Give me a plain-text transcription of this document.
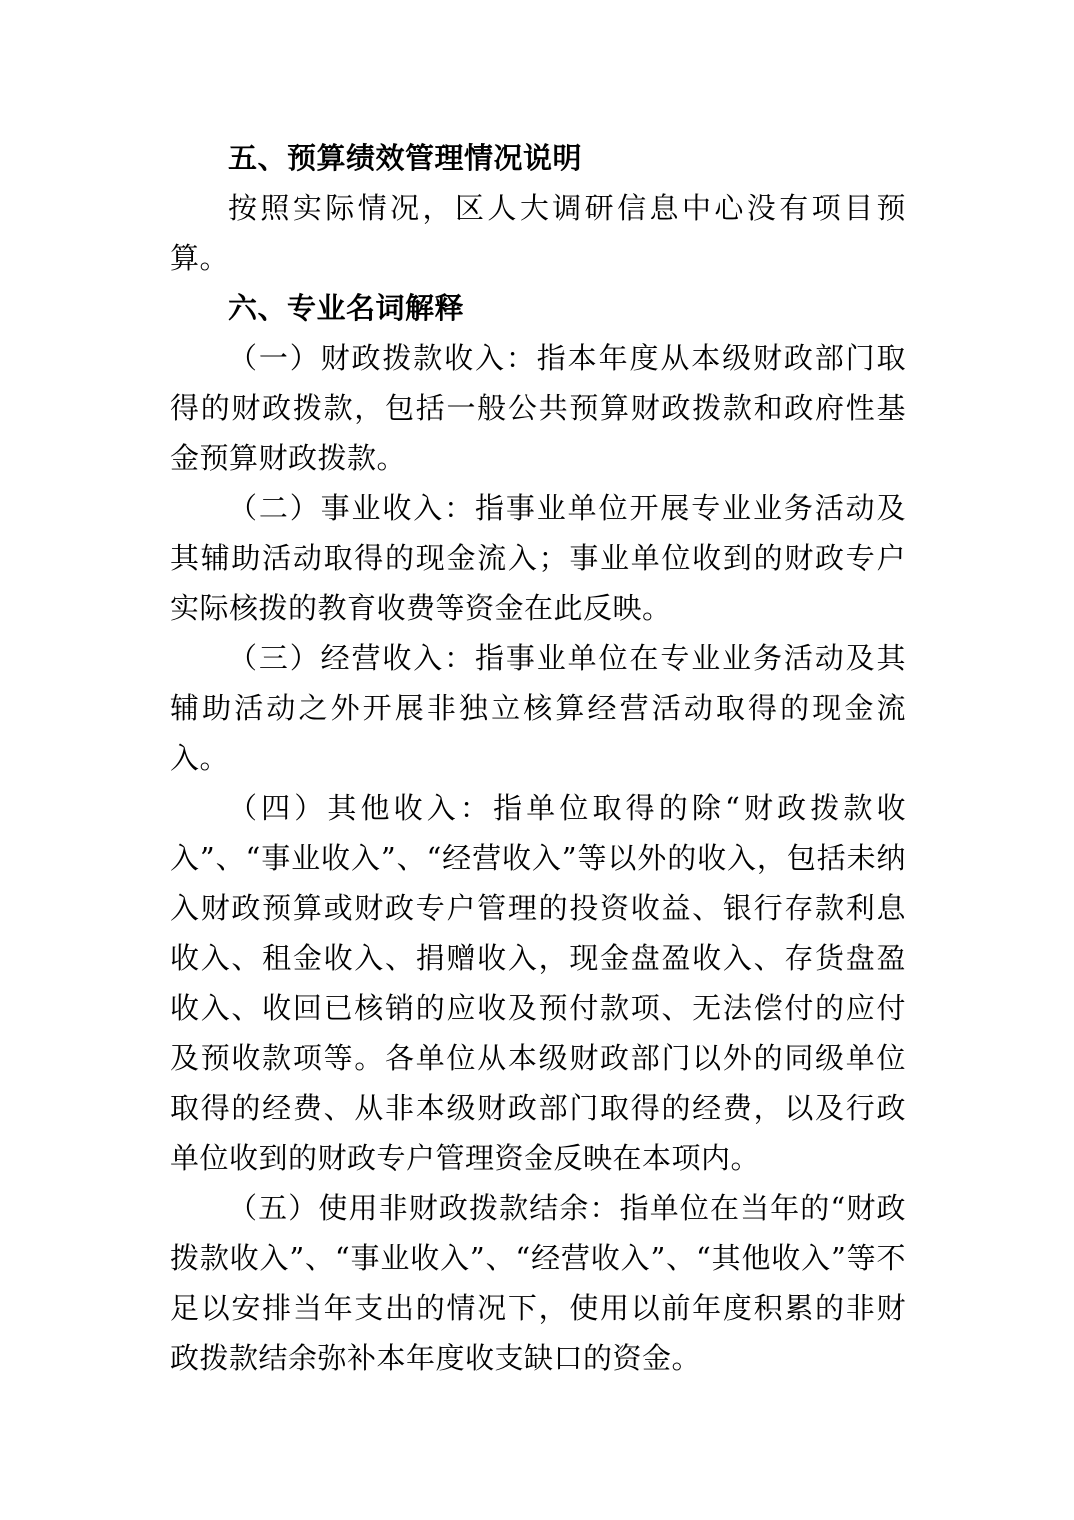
五、预算绩效管理情况说明

按照实际情况，区人大调研信息中心没有项目预算。

六、专业名词解释

（一）财政拨款收入：指本年度从本级财政部门取得的财政拨款，包括一般公共预算财政拨款和政府性基金预算财政拨款。

（二）事业收入：指事业单位开展专业业务活动及其辅助活动取得的现金流入；事业单位收到的财政专户实际核拨的教育收费等资金在此反映。

（三）经营收入：指事业单位在专业业务活动及其辅助活动之外开展非独立核算经营活动取得的现金流入。

（四）其他收入：指单位取得的除“财政拨款收入”、“事业收入”、“经营收入”等以外的收入，包括未纳入财政预算或财政专户管理的投资收益、银行存款利息收入、租金收入、捐赠收入，现金盘盈收入、存货盘盈收入、收回已核销的应收及预付款项、无法偿付的应付及预收款项等。各单位从本级财政部门以外的同级单位取得的经费、从非本级财政部门取得的经费，以及行政单位收到的财政专户管理资金反映在本项内。

（五）使用非财政拨款结余：指单位在当年的“财政拨款收入”、“事业收入”、“经营收入”、“其他收入”等不足以安排当年支出的情况下，使用以前年度积累的非财政拨款结余弥补本年度收支缺口的资金。
